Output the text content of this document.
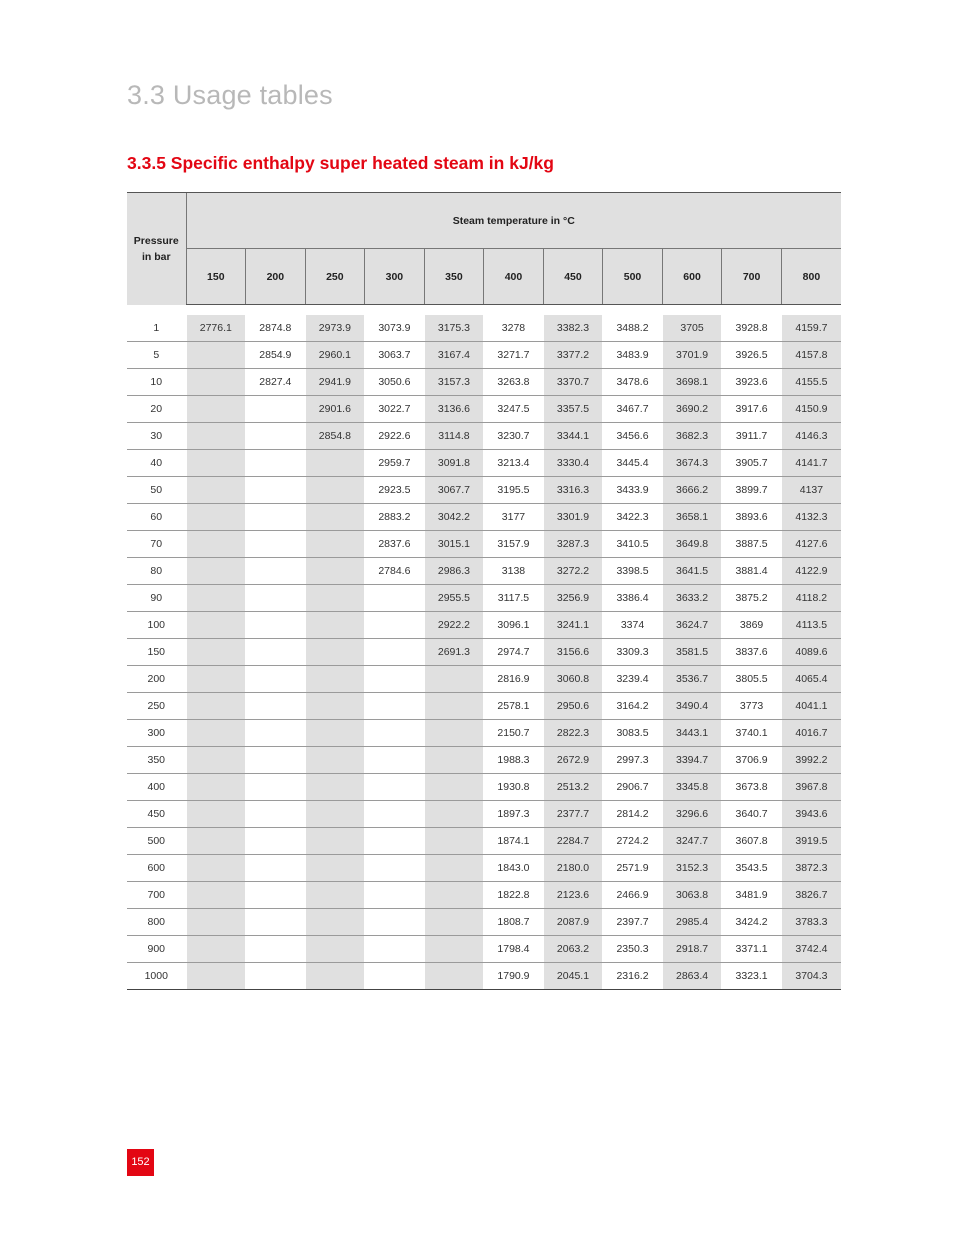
3.3 Usage tables
3.3.5 Specific enthalpy super heated steam in kJ/kg
Pressure
in bar	Steam temperature in °C										
	150	200	250	300	350	400	450	500	600	700	800

1	2776.1	2874.8	2973.9	3073.9	3175.3	3278	3382.3	3488.2	3705	3928.8	4159.7
5		2854.9	2960.1	3063.7	3167.4	3271.7	3377.2	3483.9	3701.9	3926.5	4157.8
10		2827.4	2941.9	3050.6	3157.3	3263.8	3370.7	3478.6	3698.1	3923.6	4155.5
20			2901.6	3022.7	3136.6	3247.5	3357.5	3467.7	3690.2	3917.6	4150.9
30			2854.8	2922.6	3114.8	3230.7	3344.1	3456.6	3682.3	3911.7	4146.3
40				2959.7	3091.8	3213.4	3330.4	3445.4	3674.3	3905.7	4141.7
50				2923.5	3067.7	3195.5	3316.3	3433.9	3666.2	3899.7	4137
60				2883.2	3042.2	3177	3301.9	3422.3	3658.1	3893.6	4132.3
70				2837.6	3015.1	3157.9	3287.3	3410.5	3649.8	3887.5	4127.6
80				2784.6	2986.3	3138	3272.2	3398.5	3641.5	3881.4	4122.9
90					2955.5	3117.5	3256.9	3386.4	3633.2	3875.2	4118.2
100					2922.2	3096.1	3241.1	3374	3624.7	3869	4113.5
150					2691.3	2974.7	3156.6	3309.3	3581.5	3837.6	4089.6
200						2816.9	3060.8	3239.4	3536.7	3805.5	4065.4
250						2578.1	2950.6	3164.2	3490.4	3773	4041.1
300						2150.7	2822.3	3083.5	3443.1	3740.1	4016.7
350						1988.3	2672.9	2997.3	3394.7	3706.9	3992.2
400						1930.8	2513.2	2906.7	3345.8	3673.8	3967.8
450						1897.3	2377.7	2814.2	3296.6	3640.7	3943.6
500						1874.1	2284.7	2724.2	3247.7	3607.8	3919.5
600						1843.0	2180.0	2571.9	3152.3	3543.5	3872.3
700						1822.8	2123.6	2466.9	3063.8	3481.9	3826.7
800						1808.7	2087.9	2397.7	2985.4	3424.2	3783.3
900						1798.4	2063.2	2350.3	2918.7	3371.1	3742.4
1000						1790.9	2045.1	2316.2	2863.4	3323.1	3704.3
152
